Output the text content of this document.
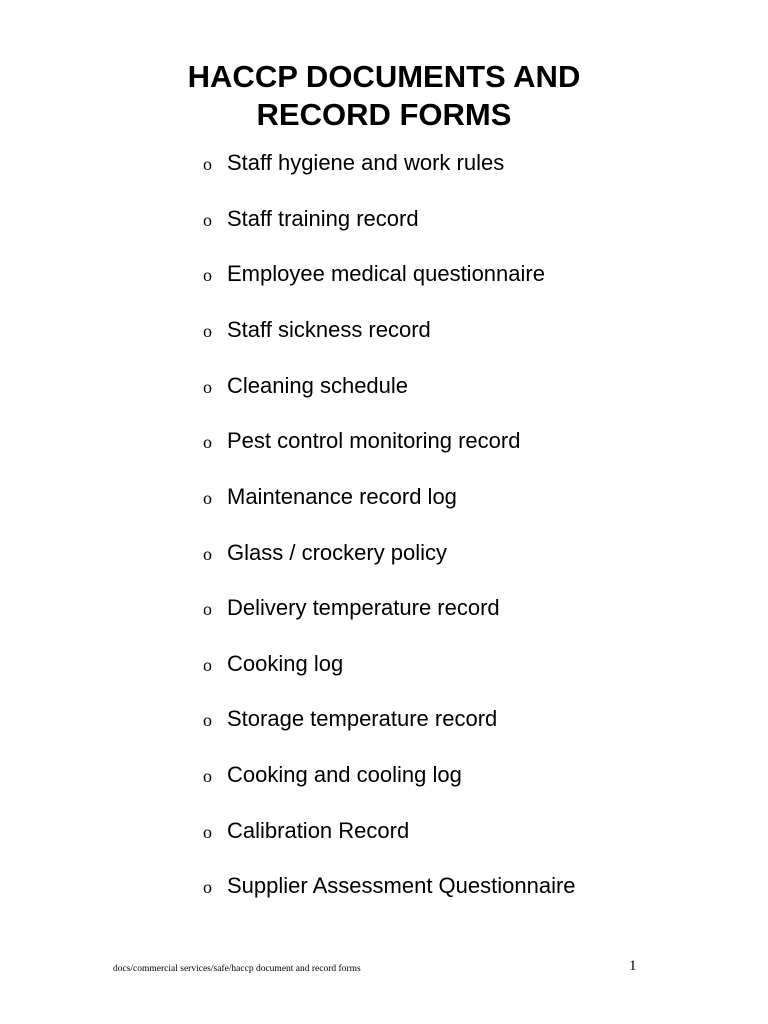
HACCP DOCUMENTS AND
RECORD FORMS
o Staff hygiene and work rules
o Staff training record
o Employee medical questionnaire
o Staff sickness record
o Cleaning schedule
o Pest control monitoring record
o Maintenance record log
o Glass / crockery policy
o Delivery temperature record
o Cooking log
o Storage temperature record
o Cooking and cooling log
o Calibration Record
o Supplier Assessment Questionnaire
docs/commercial services/safe/haccp document and record forms	1
